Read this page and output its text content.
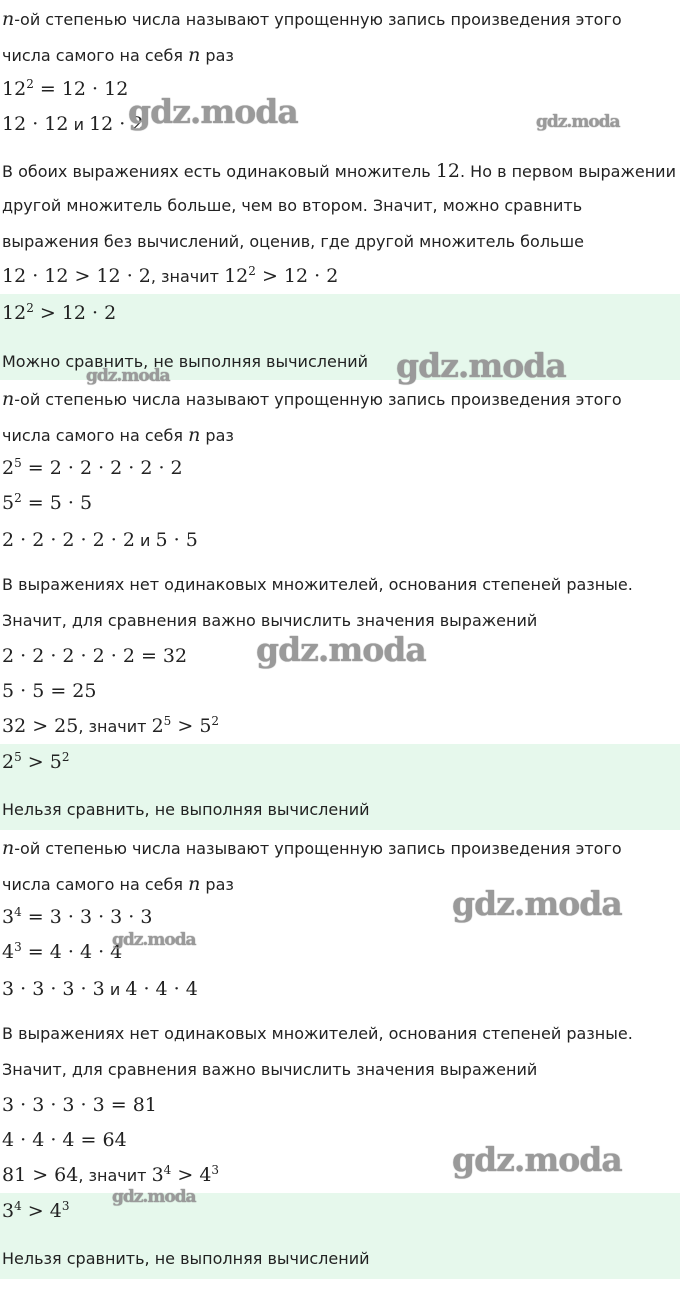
n-ой степенью числа называют упрощенную запись произведения этого
числа самого на себя n раз
$12^2 = 12 \cdot 12$
12 · 12 и 12 · 2
В обоих выражениях есть одинаковый множитель 12. Но в первом выражении
другой множитель больше, чем во втором. Значит, можно сравнить
выражения без вычислений, оценив, где другой множитель больше
12 · 12 > 12 · 2, значит $12^2 > 12 \cdot 2$
$12^2 > 12 \cdot 2$
Можно сравнить, не выполняя вычислений
n-ой степенью числа называют упрощенную запись произведения этого
числа самого на себя n раз
$2^5 = 2 \cdot 2 \cdot 2 \cdot 2 \cdot 2$
$5^2 = 5 \cdot 5$
2 · 2 · 2 · 2 · 2 и 5 · 5
В выражениях нет одинаковых множителей, основания степеней разные.
Значит, для сравнения важно вычислить значения выражений
2 · 2 · 2 · 2 · 2 = 32
5 · 5 = 25
32 > 25, значит $2^5 > 5^2$
$2^5 > 5^2$
Нельзя сравнить, не выполняя вычислений
n-ой степенью числа называют упрощенную запись произведения этого
числа самого на себя n раз
$3^4 = 3 \cdot 3 \cdot 3 \cdot 3$
$4^3 = 4 \cdot 4 \cdot 4$
3 · 3 · 3 · 3 и 4 · 4 · 4
В выражениях нет одинаковых множителей, основания степеней разные.
Значит, для сравнения важно вычислить значения выражений
3 · 3 · 3 · 3 = 81
4 · 4 · 4 = 64
81 > 64, значит $3^4 > 4^3$
$3^4 > 4^3$
Нельзя сравнить, не выполняя вычислений
gdz.moda	gdz.moda
gdz.moda
gdz.moda
gdz.moda
gdz.moda
gdz.moda
gdz.moda
gdz.moda
